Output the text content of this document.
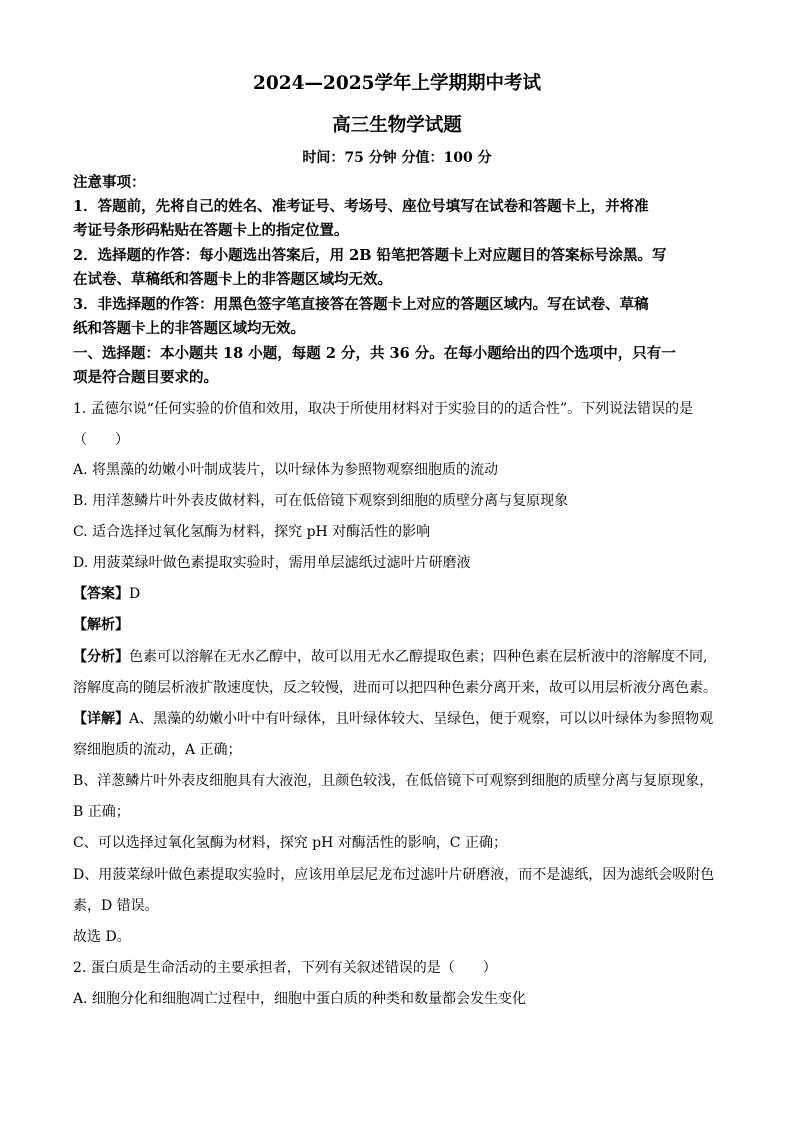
2024—2025学年上学期期中考试
高三生物学试题
时间：75 分钟 分值：100 分
注意事项：
1．答题前，先将自己的姓名、准考证号、考场号、座位号填写在试卷和答题卡上，并将准
考证号条形码粘贴在答题卡上的指定位置。
2．选择题的作答：每小题选出答案后，用 2B 铅笔把答题卡上对应题目的答案标号涂黑。写
在试卷、草稿纸和答题卡上的非答题区域均无效。
3．非选择题的作答：用黑色签字笔直接答在答题卡上对应的答题区域内。写在试卷、草稿
纸和答题卡上的非答题区域均无效。
一、选择题：本小题共 18 小题，每题 2 分，共 36 分。在每小题给出的四个选项中，只有一
项是符合题目要求的。
1. 孟德尔说“任何实验的价值和效用，取决于所使用材料对于实验目的的适合性”。下列说法错误的是
（　　）
A. 将黑藻的幼嫩小叶制成装片，以叶绿体为参照物观察细胞质的流动
B. 用洋葱鳞片叶外表皮做材料，可在低倍镜下观察到细胞的质壁分离与复原现象
C. 适合选择过氧化氢酶为材料，探究 pH 对酶活性的影响
D. 用菠菜绿叶做色素提取实验时，需用单层滤纸过滤叶片研磨液
【答案】D
【解析】
【分析】色素可以溶解在无水乙醇中，故可以用无水乙醇提取色素；四种色素在层析液中的溶解度不同,
溶解度高的随层析液扩散速度快，反之较慢，进而可以把四种色素分离开来，故可以用层析液分离色素。
【详解】A、黑藻的幼嫩小叶中有叶绿体，且叶绿体较大、呈绿色，便于观察，可以以叶绿体为参照物观
察细胞质的流动，A 正确；
B、洋葱鳞片叶外表皮细胞具有大液泡，且颜色较浅，在低倍镜下可观察到细胞的质壁分离与复原现象，
B 正确；
C、可以选择过氧化氢酶为材料，探究 pH 对酶活性的影响，C 正确；
D、用菠菜绿叶做色素提取实验时，应该用单层尼龙布过滤叶片研磨液，而不是滤纸，因为滤纸会吸附色
素，D 错误。
故选 D。
2. 蛋白质是生命活动的主要承担者，下列有关叙述错误的是（　　）
A. 细胞分化和细胞凋亡过程中，细胞中蛋白质的种类和数量都会发生变化
